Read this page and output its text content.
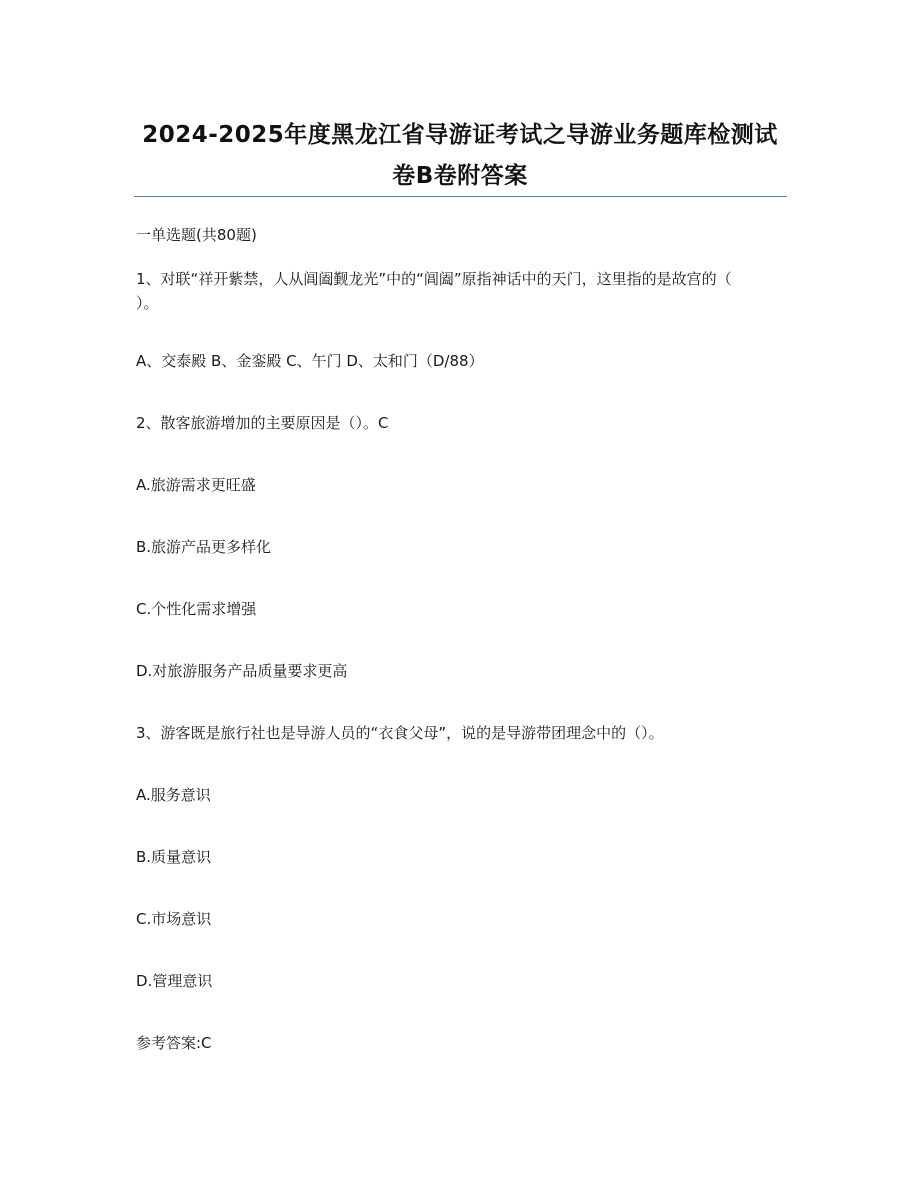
2024-2025年度黑龙江省导游证考试之导游业务题库检测试
卷B卷附答案
一单选题(共80题)
1、对联“祥开紫禁，人从阊阖觐龙光”中的“阊阖”原指神话中的天门，这里指的是故宫的（
）。
A、交泰殿 B、金銮殿 C、午门 D、太和门（D/88）
2、散客旅游增加的主要原因是（）。C
A.旅游需求更旺盛
B.旅游产品更多样化
C.个性化需求增强
D.对旅游服务产品质量要求更高
3、游客既是旅行社也是导游人员的“衣食父母”，说的是导游带团理念中的（）。
A.服务意识
B.质量意识
C.市场意识
D.管理意识
参考答案:C
